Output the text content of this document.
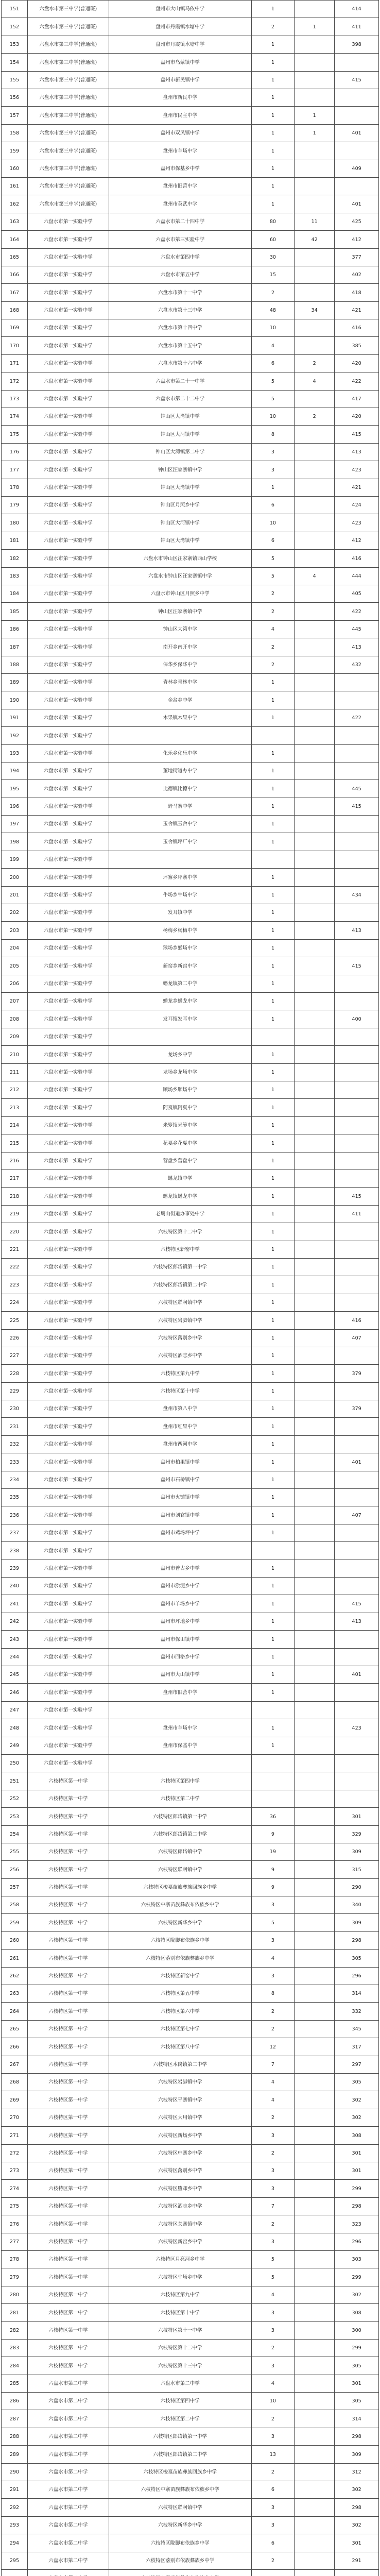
151	六盘水市第三中学(普通班)	盘州市大山镇马依中学	1		414
152	六盘水市第三中学(普通班)	盘州市丹霞镇水塘中学	2	1	411
153	六盘水市第三中学(普通班)	盘州市丹霞镇水塘中学	1		398
154	六盘水市第三中学(普通班)	盘州市乌蒙镇中学	1		
155	六盘水市第三中学(普通班)	盘州市新民镇中学	1		415
156	六盘水市第三中学(普通班)	盘州市新民中学	1		
157	六盘水市第三中学(普通班)	盘州市民主中学	1	1	
158	六盘水市第三中学(普通班)	盘州市双凤镇中学	1	1	401
159	六盘水市第三中学(普通班)	盘州市羊场中学	1		
160	六盘水市第三中学(普通班)	盘州市保基乡中学	1		409
161	六盘水市第三中学(普通班)	盘州市旧营中学	1		
162	六盘水市第三中学(普通班)	盘州市英武中学	1		401
163	六盘水市第一实验中学	六盘水市第二十四中学	80	11	425
164	六盘水市第一实验中学	六盘水市第三实验中学	60	42	412
165	六盘水市第一实验中学	六盘水市第四中学	30		377
166	六盘水市第一实验中学	六盘水市第五中学	15		402
167	六盘水市第一实验中学	六盘水市第十一中学	2		418
168	六盘水市第一实验中学	六盘水市第十三中学	48	34	421
169	六盘水市第一实验中学	六盘水市第十四中学	10		416
170	六盘水市第一实验中学	六盘水市第十五中学	4		385
171	六盘水市第一实验中学	六盘水市第十六中学	6	2	420
172	六盘水市第一实验中学	六盘水市第二十一中学	5	4	422
173	六盘水市第一实验中学	六盘水市第二十二中学	5		417
174	六盘水市第一实验中学	钟山区大湾镇中学	10	2	420
175	六盘水市第一实验中学	钟山区大河镇中学	8		415
176	六盘水市第一实验中学	钟山区大湾镇第二中学	3		413
177	六盘水市第一实验中学	钟山区汪家寨镇中学	3		423
178	六盘水市第一实验中学	钟山区大湾镇中学	1		421
179	六盘水市第一实验中学	钟山区月照乡中学	6		424
180	六盘水市第一实验中学	钟山区大河镇中学	10		423
181	六盘水市第一实验中学	钟山区大湾镇中学	6		412
182	六盘水市第一实验中学	六盘水市钟山区汪家寨镇西山学校	5		416
183	六盘水市第一实验中学	六盘水市钟山区汪家寨镇中学	5	4	444
184	六盘水市第一实验中学	六盘水市钟山区月照乡中学	2		405
185	六盘水市第一实验中学	钟山区汪家寨镇中学	2		422
186	六盘水市第一实验中学	钟山区大湾中学	4		445
187	六盘水市第一实验中学	南开乡南开中学	2		413
188	六盘水市第一实验中学	保华乡保华中学	2		432
189	六盘水市第一实验中学	青林乡青林中学	1		
190	六盘水市第一实验中学	金盆乡中学	1		
191	六盘水市第一实验中学	木果镇木果中学	1		422
192	六盘水市第一实验中学				
193	六盘水市第一实验中学	化乐乡化乐中学	1		
194	六盘水市第一实验中学	董地街道办中学	1		
195	六盘水市第一实验中学	比德镇比德中学	1		445
196	六盘水市第一实验中学	野马寨中学	1		415
197	六盘水市第一实验中学	玉舍镇玉舍中学	1		
198	六盘水市第一实验中学	玉舍镇坪厂中学	1		
199	六盘水市第一实验中学				
200	六盘水市第一实验中学	坪寨乡坪寨中学	1		
201	六盘水市第一实验中学	牛场乡牛场中学	1		434
202	六盘水市第一实验中学	发耳镇中学	1		
203	六盘水市第一实验中学	杨梅乡杨梅中学	1		413
204	六盘水市第一实验中学	猴场乡猴场中学	1		
205	六盘水市第一实验中学	新窑乡新窑中学	1		415
206	六盘水市第一实验中学	蟠龙镇第二中学	1		
207	六盘水市第一实验中学	蟠龙乡蟠龙中学	1		
208	六盘水市第一实验中学	发耳镇发耳中学	1		400
209	六盘水市第一实验中学				
210	六盘水市第一实验中学	龙场乡中学	1		
211	六盘水市第一实验中学	龙场乡龙场中学	1		
212	六盘水市第一实验中学	顺场乡顺场中学	1		
213	六盘水市第一实验中学	阿戛镇阿戛中学	1		
214	六盘水市第一实验中学	米箩镇米箩中学	1		
215	六盘水市第一实验中学	花戛乡花戛中学	1		
216	六盘水市第一实验中学	营盘乡营盘中学	1		
217	六盘水市第一实验中学	蟠龙镇中学	1		
218	六盘水市第一实验中学	蟠龙镇蟠龙中学	1		415
219	六盘水市第一实验中学	老鹰山街道办事处中学	1		411
220	六盘水市第一实验中学	六枝特区第十二中学	1		
221	六盘水市第一实验中学	六枝特区新窑中学	1		
222	六盘水市第一实验中学	六枝特区郎岱镇第一中学	1		
223	六盘水市第一实验中学	六枝特区郎岱镇第二中学	1		
224	六盘水市第一实验中学	六枝特区牂牁镇中学	1		
225	六盘水市第一实验中学	六枝特区岩脚镇中学	1		416
226	六盘水市第一实验中学	六枝特区落别乡中学	1		407
227	六盘水市第一实验中学	六枝特区洒志乡中学	1		
228	六盘水市第一实验中学	六枝特区第九中学	1		379
229	六盘水市第一实验中学	六枝特区第十中学	1		
230	六盘水市第一实验中学	盘州市第八中学	1		379
231	六盘水市第一实验中学	盘州市红果中学	1		
232	六盘水市第一实验中学	盘州市两河中学	1		
233	六盘水市第一实验中学	盘州市柏果镇中学	1		401
234	六盘水市第一实验中学	盘州市石桥镇中学	1		
235	六盘水市第一实验中学	盘州市火铺镇中学	1		
236	六盘水市第一实验中学	盘州市刘官镇中学	1		407
237	六盘水市第一实验中学	盘州市鸡场坪中学	1		
238	六盘水市第一实验中学				
239	六盘水市第一实验中学	盘州市普古乡中学	1		
240	六盘水市第一实验中学	盘州市淤泥乡中学	1		
241	六盘水市第一实验中学	盘州市羊场乡中学	1		415
242	六盘水市第一实验中学	盘州市坪地乡中学	1		413
243	六盘水市第一实验中学	盘州市保田镇中学	1		
244	六盘水市第一实验中学	盘州市四格乡中学	1		
245	六盘水市第一实验中学	盘州市大山镇中学	1		401
246	六盘水市第一实验中学	盘州市旧营中学	1		
247	六盘水市第一实验中学				
248	六盘水市第一实验中学	盘州市羊场中学	1		423
249	六盘水市第一实验中学	盘州市保基中学	1		
250	六盘水市第一实验中学				
251	六枝特区第一中学	六枝特区第四中学			
252	六枝特区第一中学	六枝特区第二中学			
253	六枝特区第一中学	六枝特区郎岱镇第一中学	36		301
254	六枝特区第一中学	六枝特区郎岱镇第二中学	9		329
255	六枝特区第一中学	六枝特区郎岱镇中学	19		309
256	六枝特区第一中学	六枝特区牂牁镇中学	9		315
257	六枝特区第一中学	六枝特区梭戛苗族彝族回族乡中学	9		290
258	六枝特区第一中学	六枝特区中寨苗族彝族布依族乡中学	3		340
259	六枝特区第一中学	六枝特区新华乡中学	5		309
260	六枝特区第一中学	六枝特区陇脚布依族乡中学	3		298
261	六枝特区第一中学	六枝特区落别布依族彝族乡中学	4		305
262	六枝特区第一中学	六枝特区新窑中学	3		296
263	六枝特区第一中学	六枝特区第五中学	8		314
264	六枝特区第一中学	六枝特区第六中学	2		332
265	六枝特区第一中学	六枝特区第七中学	2		345
266	六枝特区第一中学	六枝特区第八中学	12		317
267	六枝特区第一中学	六枝特区木岗镇第二中学	7		297
268	六枝特区第一中学	六枝特区岩脚镇中学	4		305
269	六枝特区第一中学	六枝特区平寨镇中学	4		302
270	六枝特区第一中学	六枝特区大用镇中学	2		302
271	六枝特区第一中学	六枝特区新场乡中学	3		308
272	六枝特区第一中学	六枝特区中寨乡中学	2		301
273	六枝特区第一中学	六枝特区落别乡中学	3		301
274	六枝特区第一中学	六枝特区堕却乡中学	3		299
275	六枝特区第一中学	六枝特区洒志乡中学	7		298
276	六枝特区第一中学	六枝特区关寨镇中学	2		323
277	六枝特区第一中学	六枝特区新窑乡中学	3		296
278	六枝特区第一中学	六枝特区月亮河乡中学	5		303
279	六枝特区第一中学	六枝特区牛场乡中学	5		299
280	六枝特区第一中学	六枝特区第九中学	4		302
281	六枝特区第一中学	六枝特区第十中学	3		308
282	六枝特区第一中学	六枝特区第十一中学	3		300
283	六枝特区第一中学	六枝特区第十二中学	2		299
284	六枝特区第一中学	六枝特区第十三中学	3		305
285	六盘水市第二中学	六盘水市第二中学	4		301
286	六盘水市第二中学	六枝特区第四中学	10		305
287	六盘水市第二中学	六枝特区第二中学	2		314
288	六盘水市第二中学	六枝特区郎岱镇第一中学	3		298
289	六盘水市第二中学	六枝特区郎岱镇第二中学	13		309
290	六盘水市第二中学	六枝特区梭戛苗族彝族回族乡中学	2		312
291	六盘水市第二中学	六枝特区中寨苗族彝族布依族乡中学	6		302
292	六盘水市第二中学	六枝特区牂牁镇中学	3		298
293	六盘水市第二中学	六枝特区新华乡中学	3		302
294	六盘水市第二中学	六枝特区陇脚布依族乡中学	6		301
295	六盘水市第二中学	六枝特区落别布依族彝族乡中学	2		291
